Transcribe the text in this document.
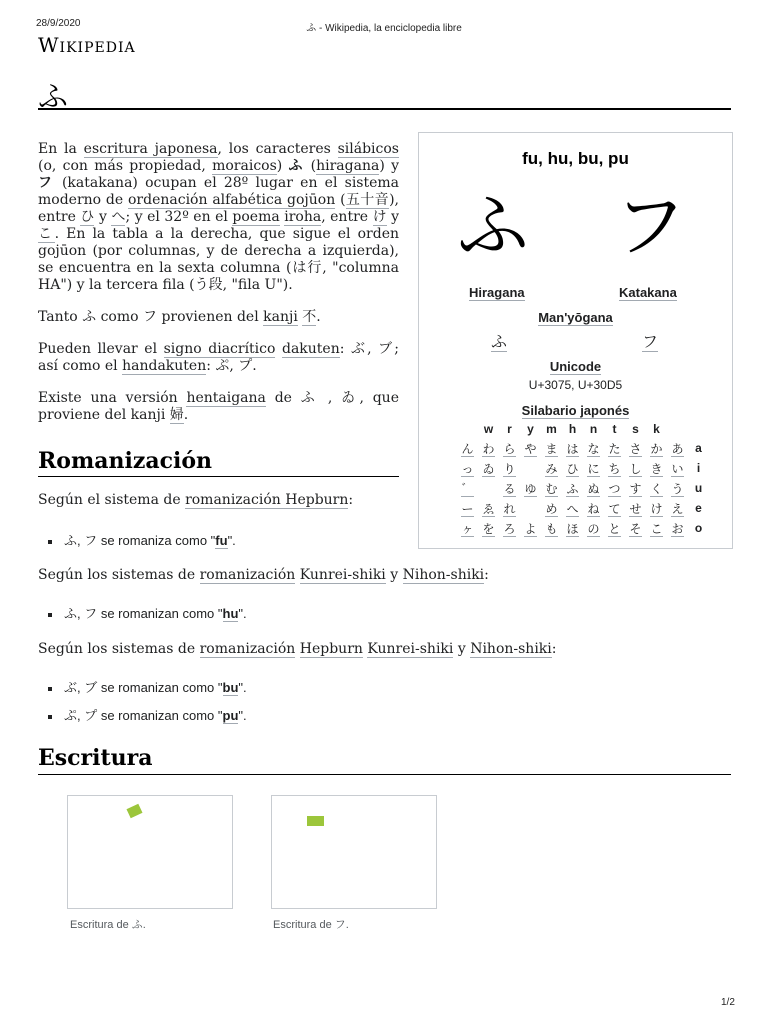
28/9/2020	ふ - Wikipedia, la enciclopedia libre
Wikipedia
ふ

En la escritura japonesa, los caracteres silábicos (o, con más propiedad, moraicos) ふ (hiragana) y フ (katakana) ocupan el 28º lugar en el sistema moderno de ordenación alfabética gojūon (五十音), entre ひ y へ; y el 32º en el poema iroha, entre け y こ. En la tabla a la derecha, que sigue el orden gojūon (por columnas, y de derecha a izquierda), se encuentra en la sexta columna (は行, "columna HA") y la tercera fila (う段, "fila U").

Tanto ふ como フ provienen del kanji 不.

Pueden llevar el signo diacrítico dakuten: ぶ, ブ; así como el handakuten: ぷ, プ.

Existe una versión hentaigana de ふ , ゐ, que proviene del kanji 婦.

Romanización

Según el sistema de romanización Hepburn:

ふ, フ se romaniza como "fu".

Según los sistemas de romanización Kunrei-shiki y Nihon-shiki:

ふ, フ se romanizan como "hu".

Según los sistemas de romanización Hepburn Kunrei-shiki y Nihon-shiki:

ぶ, ブ se romanizan como "bu".
ぷ, プ se romanizan como "pu".
Escritura
Escritura de ふ.	Escritura de フ.
fu, hu, bu, pu
ふ フ
Hiragana	Katakana
Man'yōgana
ふ	フ
Unicode
U+3075, U+30D5
Silabario japonés
	w	r	y	m	h	n	t	s	k		
ん	わ	ら	や	ま	は	な	た	さ	か	あ	a
っ	ゐ	り		み	ひ	に	ち	し	き	い	i
゛		る	ゆ	む	ふ	ぬ	つ	す	く	う	u
ー	ゑ	れ		め	へ	ね	て	せ	け	え	e
ヶ	を	ろ	よ	も	ほ	の	と	そ	こ	お	o
1/2
